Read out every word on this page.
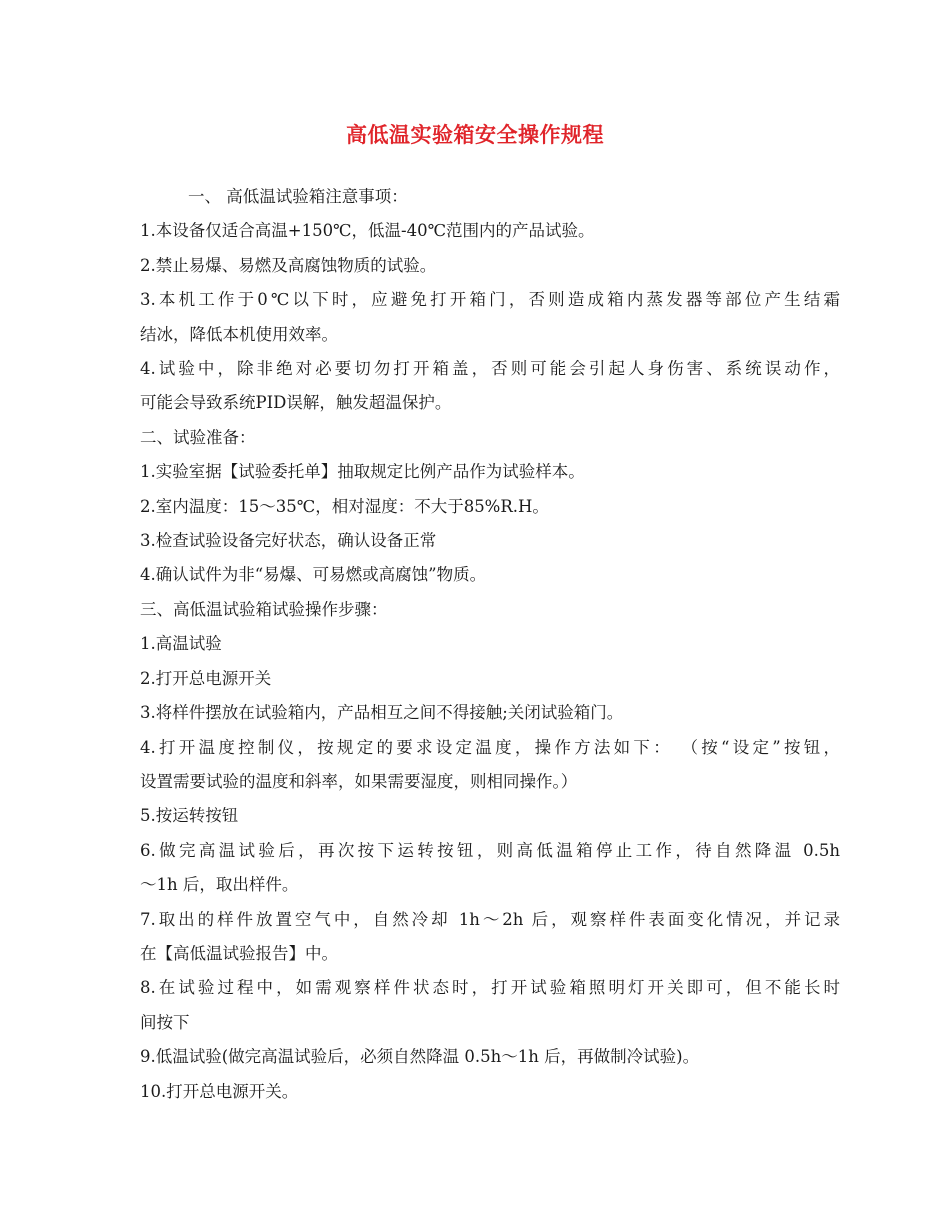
高低温实验箱安全操作规程
一、 高低温试验箱注意事项：
1.本设备仅适合高温+150℃，低温-40℃范围内的产品试验。
2.禁止易爆、易燃及高腐蚀物质的试验。
3.本机工作于0℃以下时，应避免打开箱门，否则造成箱内蒸发器等部位产生结霜
结冰，降低本机使用效率。
4.试验中，除非绝对必要切勿打开箱盖，否则可能会引起人身伤害、系统误动作，
可能会导致系统PID误解，触发超温保护。
二、试验准备：
1.实验室据【试验委托单】抽取规定比例产品作为试验样本。
2.室内温度：15～35℃，相对湿度：不大于85%R.H。
3.检查试验设备完好状态，确认设备正常
4.确认试件为非“易爆、可易燃或高腐蚀”物质。
三、高低温试验箱试验操作步骤：
1.高温试验
2.打开总电源开关
3.将样件摆放在试验箱内，产品相互之间不得接触;关闭试验箱门。
4.打开温度控制仪，按规定的要求设定温度，操作方法如下： （按“设定”按钮，
设置需要试验的温度和斜率，如果需要湿度，则相同操作。）
5.按运转按钮
6.做完高温试验后，再次按下运转按钮，则高低温箱停止工作，待自然降温 0.5h
～1h 后，取出样件。
7.取出的样件放置空气中，自然冷却 1h～2h 后，观察样件表面变化情况，并记录
在【高低温试验报告】中。
8.在试验过程中，如需观察样件状态时，打开试验箱照明灯开关即可，但不能长时
间按下
9.低温试验(做完高温试验后，必须自然降温 0.5h～1h 后，再做制冷试验)。
10.打开总电源开关。
